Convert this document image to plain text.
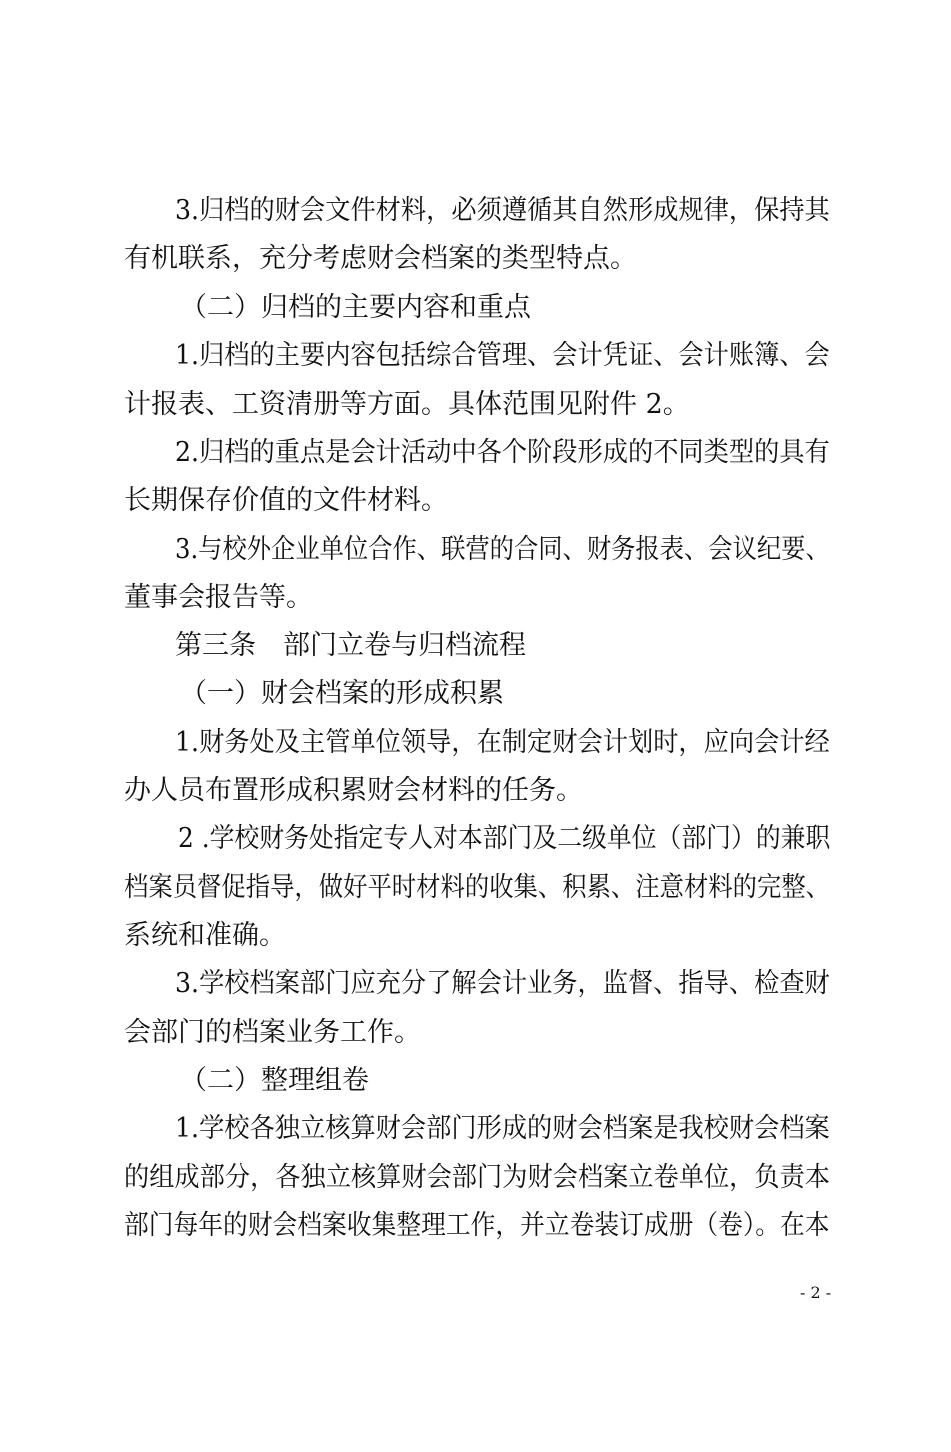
3.归档的财会文件材料，必须遵循其自然形成规律，保持其
有机联系，充分考虑财会档案的类型特点。
（二）归档的主要内容和重点
1.归档的主要内容包括综合管理、会计凭证、会计账簿、会
计报表、工资清册等方面。具体范围见附件 2。
2.归档的重点是会计活动中各个阶段形成的不同类型的具有
长期保存价值的文件材料。
3.与校外企业单位合作、联营的合同、财务报表、会议纪要、
董事会报告等。
第三条　部门立卷与归档流程
（一）财会档案的形成积累
1.财务处及主管单位领导，在制定财会计划时，应向会计经
办人员布置形成积累财会材料的任务。
2 .学校财务处指定专人对本部门及二级单位（部门）的兼职
档案员督促指导，做好平时材料的收集、积累、注意材料的完整、
系统和准确。
3.学校档案部门应充分了解会计业务，监督、指导、检查财
会部门的档案业务工作。
（二）整理组卷
1.学校各独立核算财会部门形成的财会档案是我校财会档案
的组成部分，各独立核算财会部门为财会档案立卷单位，负责本
部门每年的财会档案收集整理工作，并立卷装订成册（卷）。在本
- 2 -
